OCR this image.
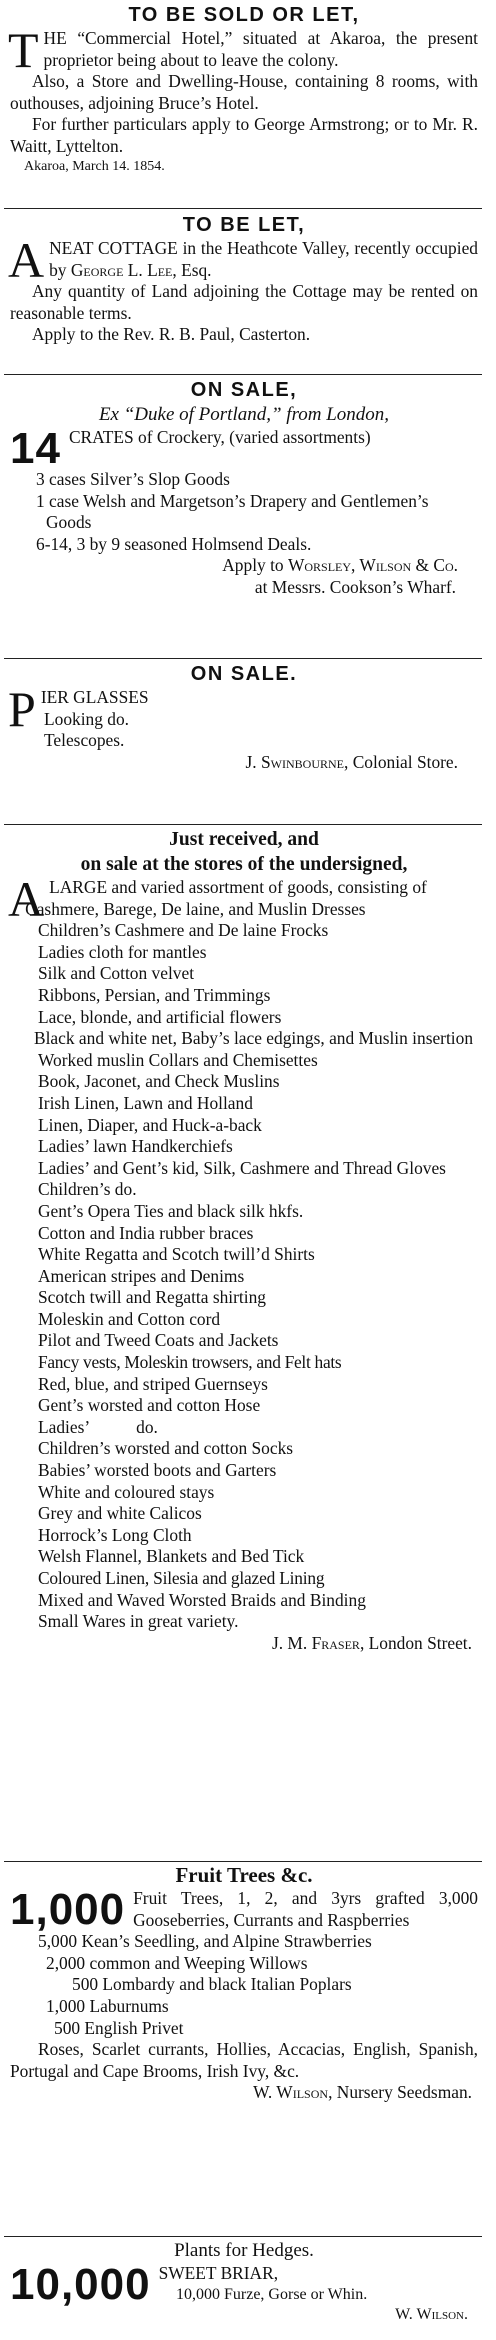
TO BE SOLD OR LET,
THE “Commercial Hotel,” situated at Akaroa, the present proprietor being about to leave the colony.
Also, a Store and Dwelling-House, containing 8 rooms, with outhouses, adjoining Bruce’s Hotel.
For further particulars apply to George Armstrong; or to Mr. R. Waitt, Lyttelton.
Akaroa, March 14. 1854.
TO BE LET,
A NEAT COTTAGE in the Heathcote Valley, recently occupied by George L. Lee, Esq.
Any quantity of Land adjoining the Cottage may be rented on reasonable terms.
Apply to the Rev. R. B. Paul, Casterton.
ON SALE,
Ex “Duke of Portland,” from London,
14 CRATES of Crockery, (varied assortments)
3 cases Silver’s Slop Goods
1 case Welsh and Margetson’s Drapery and Gentlemen’s Goods
6-14, 3 by 9 seasoned Holmsend Deals.
Apply to Worsley, Wilson & Co.
at Messrs. Cookson’s Wharf.
ON SALE.
PIER GLASSES
Looking do.
Telescopes.
J. Swinbourne, Colonial Store.
Just received, and
on sale at the stores of the undersigned,
A LARGE and varied assortment of goods, consisting of
Cashmere, Barege, De laine, and Muslin Dresses
Children’s Cashmere and De laine Frocks
Ladies cloth for mantles
Silk and Cotton velvet
Ribbons, Persian, and Trimmings
Lace, blonde, and artificial flowers
Black and white net, Baby’s lace edgings, and Muslin insertion
Worked muslin Collars and Chemisettes
Book, Jaconet, and Check Muslins
Irish Linen, Lawn and Holland
Linen, Diaper, and Huck-a-back
Ladies’ lawn Handkerchiefs
Ladies’ and Gent’s kid, Silk, Cashmere and Thread Gloves
Children’s do.
Gent’s Opera Ties and black silk hkfs.
Cotton and India rubber braces
White Regatta and Scotch twill’d Shirts
American stripes and Denims
Scotch twill and Regatta shirting
Moleskin and Cotton cord
Pilot and Tweed Coats and Jackets
Fancy vests, Moleskin trowsers, and Felt hats
Red, blue, and striped Guernseys
Gent’s worsted and cotton Hose
Ladies’	do.
Children’s worsted and cotton Socks
Babies’ worsted boots and Garters
White and coloured stays
Grey and white Calicos
Horrock’s Long Cloth
Welsh Flannel, Blankets and Bed Tick
Coloured Linen, Silesia and glazed Lining
Mixed and Waved Worsted Braids and Binding
Small Wares in great variety.
J. M. Fraser, London Street.
Fruit Trees &c.
1,000 Fruit Trees, 1, 2, and 3yrs grafted 3,000 Gooseberries, Currants and Raspberries
5,000 Kean’s Seedling, and Alpine Strawberries
2,000 common and Weeping Willows
500 Lombardy and black Italian Poplars
1,000 Laburnums
500 English Privet
Roses, Scarlet currants, Hollies, Accacias, English, Spanish, Portugal and Cape Brooms, Irish Ivy, &c.
W. Wilson, Nursery Seedsman.
Plants for Hedges.
10,000 SWEET BRIAR,
10,000 Furze, Gorse or Whin.
W. Wilson.
